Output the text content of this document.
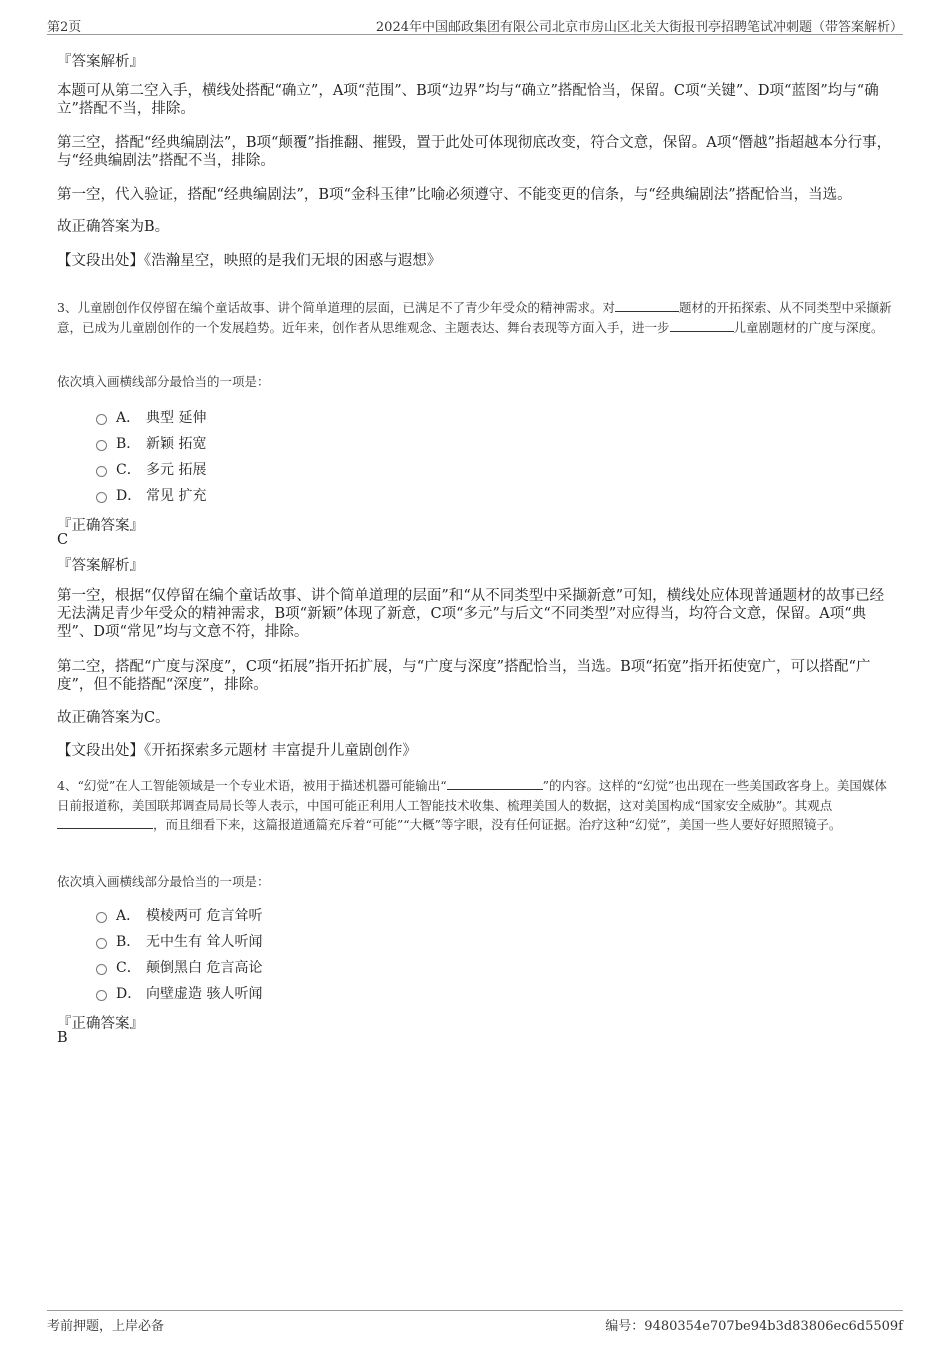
第2页	2024年中国邮政集团有限公司北京市房山区北关大街报刊亭招聘笔试冲刺题（带答案解析）
『答案解析』

本题可从第二空入手，横线处搭配“确立”，A项“范围”、B项“边界”均与“确立”搭配恰当，保留。C项“关键”、D项“蓝图”均与“确立”搭配不当，排除。

第三空，搭配“经典编剧法”，B项“颠覆”指推翻、摧毁，置于此处可体现彻底改变，符合文意，保留。A项“僭越”指超越本分行事，与“经典编剧法”搭配不当，排除。

第一空，代入验证，搭配“经典编剧法”，B项“金科玉律”比喻必须遵守、不能变更的信条，与“经典编剧法”搭配恰当，当选。

故正确答案为B。

【文段出处】《浩瀚星空，映照的是我们无垠的困惑与遐想》

3、儿童剧创作仅停留在编个童话故事、讲个简单道理的层面，已满足不了青少年受众的精神需求。对	题材的开拓探索、从不同类型中采撷新意，已成为儿童剧创作的一个发展趋势。近年来，创作者从思维观念、主题表达、舞台表现等方面入手，进一步	儿童剧题材的广度与深度。
依次填入画横线部分最恰当的一项是：
A． 典型 延伸
B． 新颖 拓宽
C． 多元 拓展
D． 常见 扩充
『正确答案』
C
『答案解析』

第一空，根据“仅停留在编个童话故事、讲个简单道理的层面”和“从不同类型中采撷新意”可知，横线处应体现普通题材的故事已经无法满足青少年受众的精神需求，B项“新颖”体现了新意，C项“多元”与后文“不同类型”对应得当，均符合文意，保留。A项“典型”、D项“常见”均与文意不符，排除。

第二空，搭配“广度与深度”，C项“拓展”指开拓扩展，与“广度与深度”搭配恰当，当选。B项“拓宽”指开拓使宽广，可以搭配“广度”，但不能搭配“深度”，排除。

故正确答案为C。

【文段出处】《开拓探索多元题材 丰富提升儿童剧创作》

4、“幻觉”在人工智能领域是一个专业术语，被用于描述机器可能输出“	”的内容。这样的“幻觉”也出现在一些美国政客身上。美国媒体日前报道称，美国联邦调查局局长等人表示，中国可能正利用人工智能技术收集、梳理美国人的数据，这对美国构成“国家安全威胁”。其观点，而且细看下来，这篇报道通篇充斥着“可能”“大概”等字眼，没有任何证据。治疗这种“幻觉”，美国一些人要好好照照镜子。
依次填入画横线部分最恰当的一项是：
A． 模棱两可 危言耸听
B． 无中生有 耸人听闻
C． 颠倒黑白 危言高论
D． 向壁虚造 骇人听闻
『正确答案』
B
考前押题，上岸必备	编号：9480354e707be94b3d83806ec6d5509f
